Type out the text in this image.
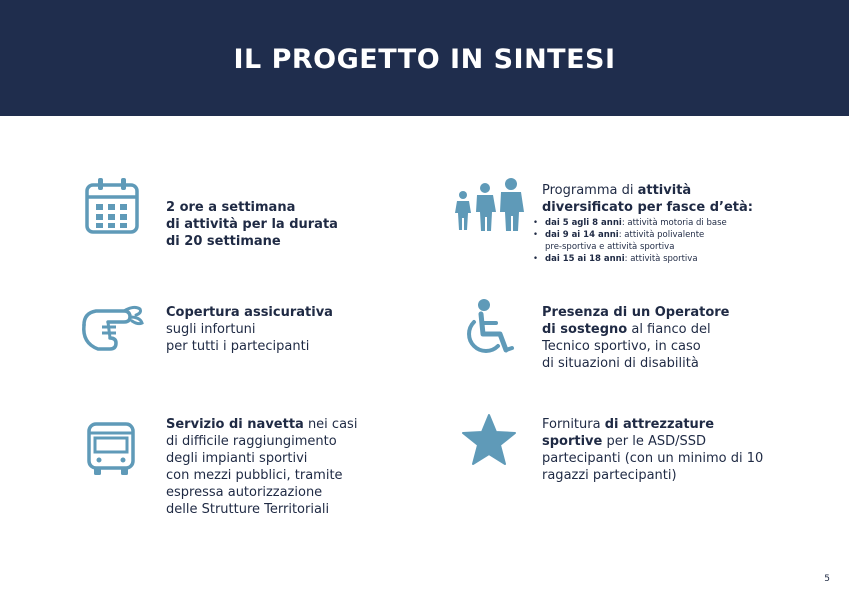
IL PROGETTO IN SINTESI

2 ore a settimana
di attività per la durata
di 20 settimane

Copertura assicurativa
sugli infortuni
per tutti i partecipanti
Servizio di navetta nei casi
di difficile raggiungimento
degli impianti sportivi
con mezzi pubblici, tramite
espressa autorizzazione
delle Strutture Territoriali
Programma di attività
diversificato per fasce d’età:
• dai 5 agli 8 anni: attività motoria di base
• dai 9 ai 14 anni: attività polivalente
pre-sportiva e attività sportiva
• dai 15 ai 18 anni: attività sportiva
Presenza di un Operatore
di sostegno al fianco del
Tecnico sportivo, in caso
di situazioni di disabilità
Fornitura di attrezzature
sportive per le ASD/SSD
partecipanti (con un minimo di 10
ragazzi partecipanti)
5
